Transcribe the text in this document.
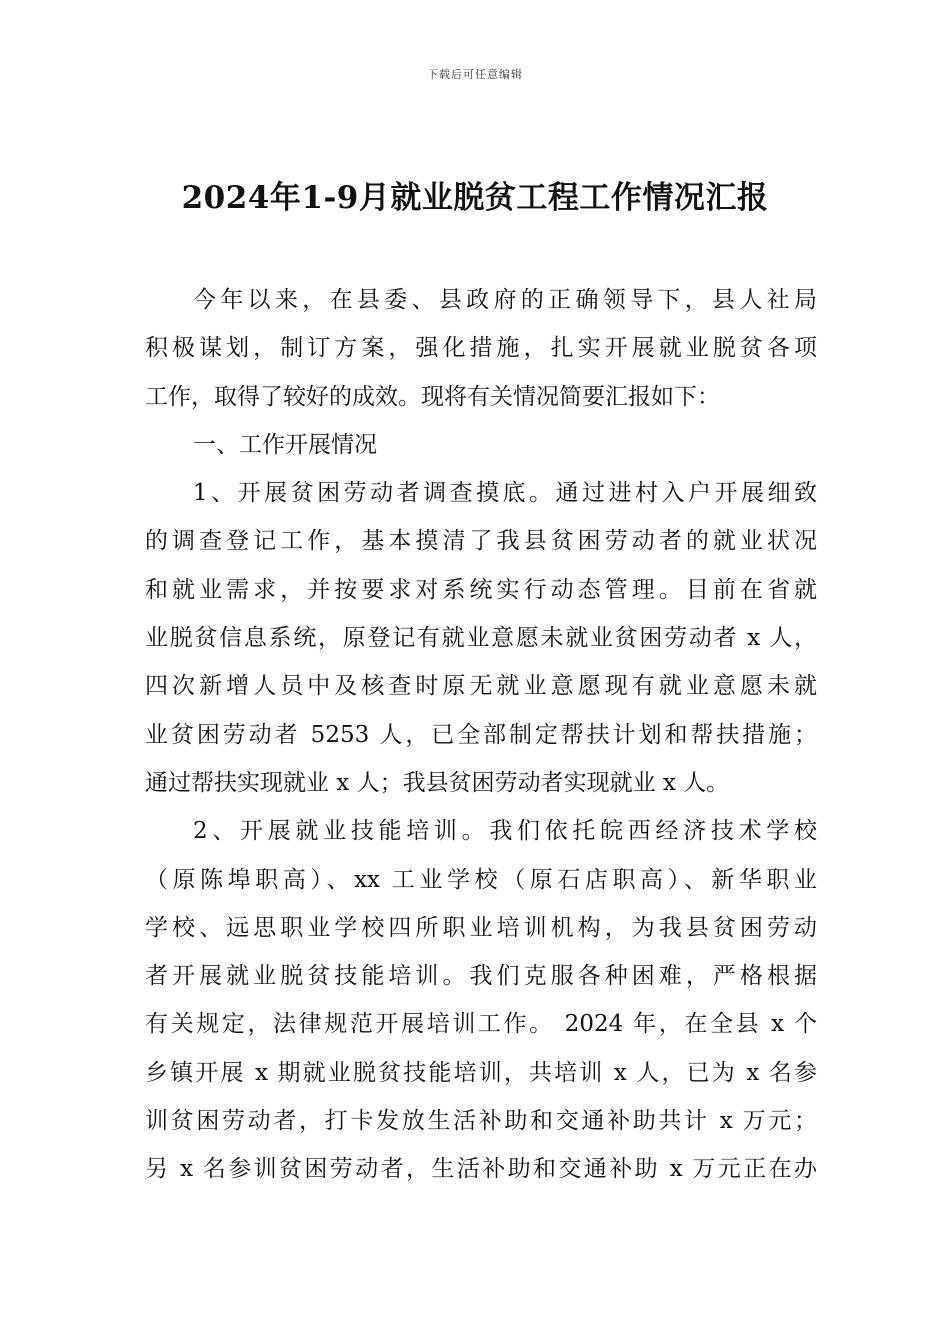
下载后可任意编辑
2024年1-9月就业脱贫工程工作情况汇报
今年以来，在县委、县政府的正确领导下，县人社局
积极谋划，制订方案，强化措施，扎实开展就业脱贫各项
工作，取得了较好的成效。现将有关情况简要汇报如下：
一、工作开展情况
1、开展贫困劳动者调查摸底。通过进村入户开展细致
的调查登记工作，基本摸清了我县贫困劳动者的就业状况
和就业需求，并按要求对系统实行动态管理。目前在省就
业脱贫信息系统，原登记有就业意愿未就业贫困劳动者 x 人，
四次新增人员中及核查时原无就业意愿现有就业意愿未就
业贫困劳动者 5253 人，已全部制定帮扶计划和帮扶措施；
通过帮扶实现就业 x 人；我县贫困劳动者实现就业 x 人。
2、开展就业技能培训。我们依托皖西经济技术学校
（原陈埠职高）、xx 工业学校（原石店职高）、新华职业
学校、远思职业学校四所职业培训机构，为我县贫困劳动
者开展就业脱贫技能培训。我们克服各种困难，严格根据
有关规定，法律规范开展培训工作。 2024 年，在全县 x 个
乡镇开展 x 期就业脱贫技能培训，共培训 x 人，已为 x 名参
训贫困劳动者，打卡发放生活补助和交通补助共计 x 万元；
另 x 名参训贫困劳动者，生活补助和交通补助 x 万元正在办
